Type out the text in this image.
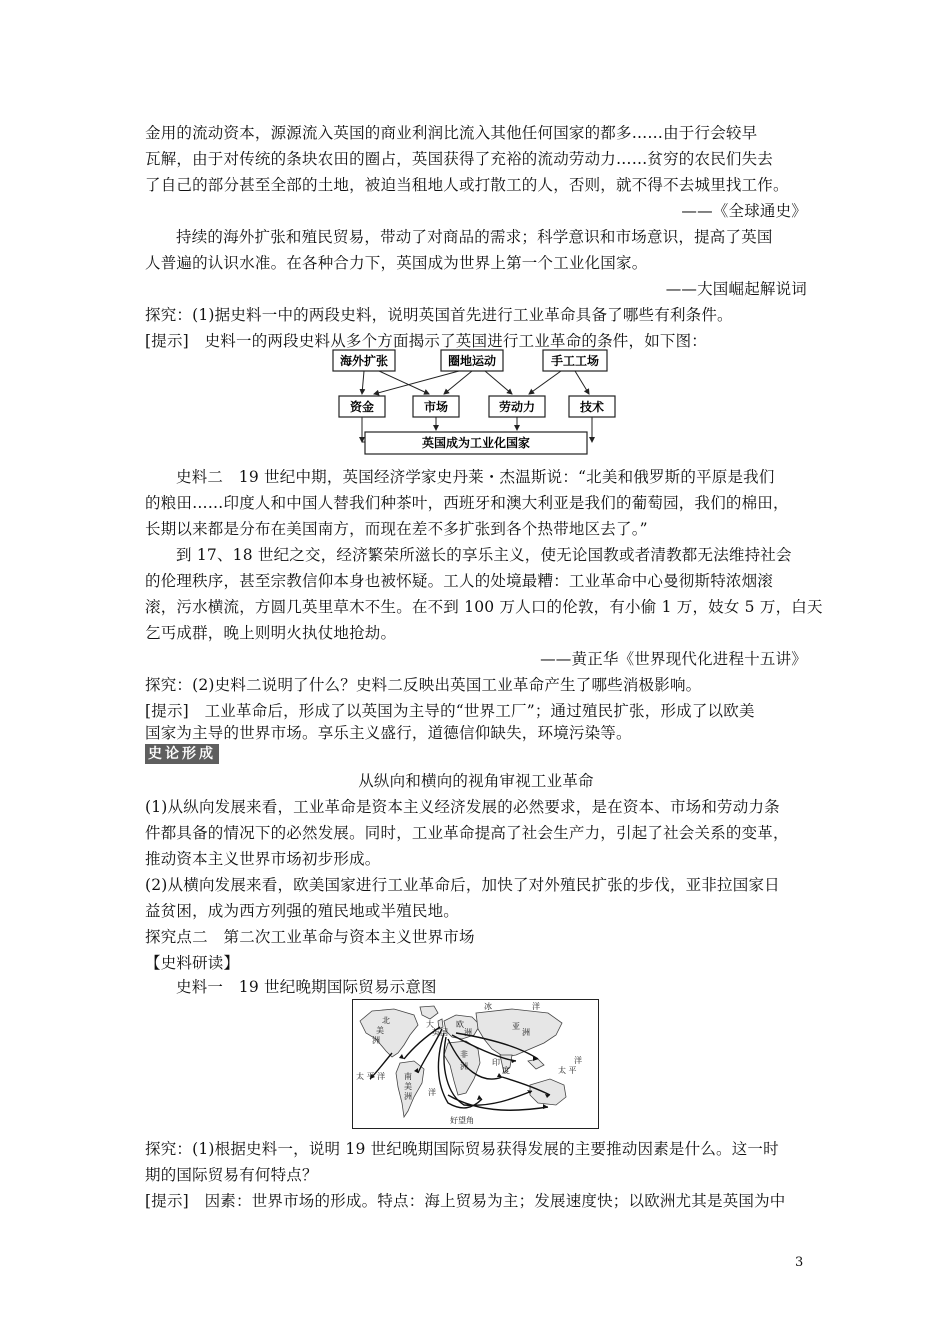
金用的流动资本，源源流入英国的商业利润比流入其他任何国家的都多……由于行会较早
瓦解，由于对传统的条块农田的圈占，英国获得了充裕的流动劳动力……贫穷的农民们失去
了自己的部分甚至全部的土地，被迫当租地人或打散工的人，否则，就不得不去城里找工作。
——《全球通史》
持续的海外扩张和殖民贸易，带动了对商品的需求；科学意识和市场意识，提高了英国
人普遍的认识水准。在各种合力下，英国成为世界上第一个工业化国家。
——大国崛起解说词
探究：(1)据史料一中的两段史料，说明英国首先进行工业革命具备了哪些有利条件。
[提示]　史料一的两段史料从多个方面揭示了英国进行工业革命的条件，如下图：
海外扩张	圈地运动	手工工场
资金	市场	劳动力	技术
英国成为工业化国家
史料二　19 世纪中期，英国经济学家史丹莱・杰温斯说：“北美和俄罗斯的平原是我们
的粮田……印度人和中国人替我们种茶叶，西班牙和澳大利亚是我们的葡萄园，我们的棉田，
长期以来都是分布在美国南方，而现在差不多扩张到各个热带地区去了。”
到 17、18 世纪之交，经济繁荣所滋长的享乐主义，使无论国教或者清教都无法维持社会
的伦理秩序，甚至宗教信仰本身也被怀疑。工人的处境最糟：工业革命中心曼彻斯特浓烟滚
滚，污水横流，方圆几英里草木不生。在不到 100 万人口的伦敦，有小偷 1 万，妓女 5 万，白天
乞丐成群，晚上则明火执仗地抢劫。
——黄正华《世界现代化进程十五讲》
探究：(2)史料二说明了什么？史料二反映出英国工业革命产生了哪些消极影响。
[提示]　工业革命后，形成了以英国为主导的“世界工厂”；通过殖民扩张，形成了以欧美
国家为主导的世界市场。享乐主义盛行，道德信仰缺失，环境污染等。
史论形成
从纵向和横向的视角审视工业革命
(1)从纵向发展来看，工业革命是资本主义经济发展的必然要求，是在资本、市场和劳动力条
件都具备的情况下的必然发展。同时，工业革命提高了社会生产力，引起了社会关系的变革，
推动资本主义世界市场初步形成。
(2)从横向发展来看，欧美国家进行工业革命后，加快了对外殖民扩张的步伐，亚非拉国家日
益贫困，成为西方列强的殖民地或半殖民地。
探究点二　第二次工业革命与资本主义世界市场
【史料研读】
史料一　19 世纪晚期国际贸易示意图
冰	洋
北
美
洲
大
英国
欧
洲
亚
洲
非
洲
南
美
洲
印
度
太 平 洋
太 平
洋
洋
好望角
探究：(1)根据史料一，说明 19 世纪晚期国际贸易获得发展的主要推动因素是什么。这一时
期的国际贸易有何特点？
[提示]　因素：世界市场的形成。特点：海上贸易为主；发展速度快；以欧洲尤其是英国为中
3
